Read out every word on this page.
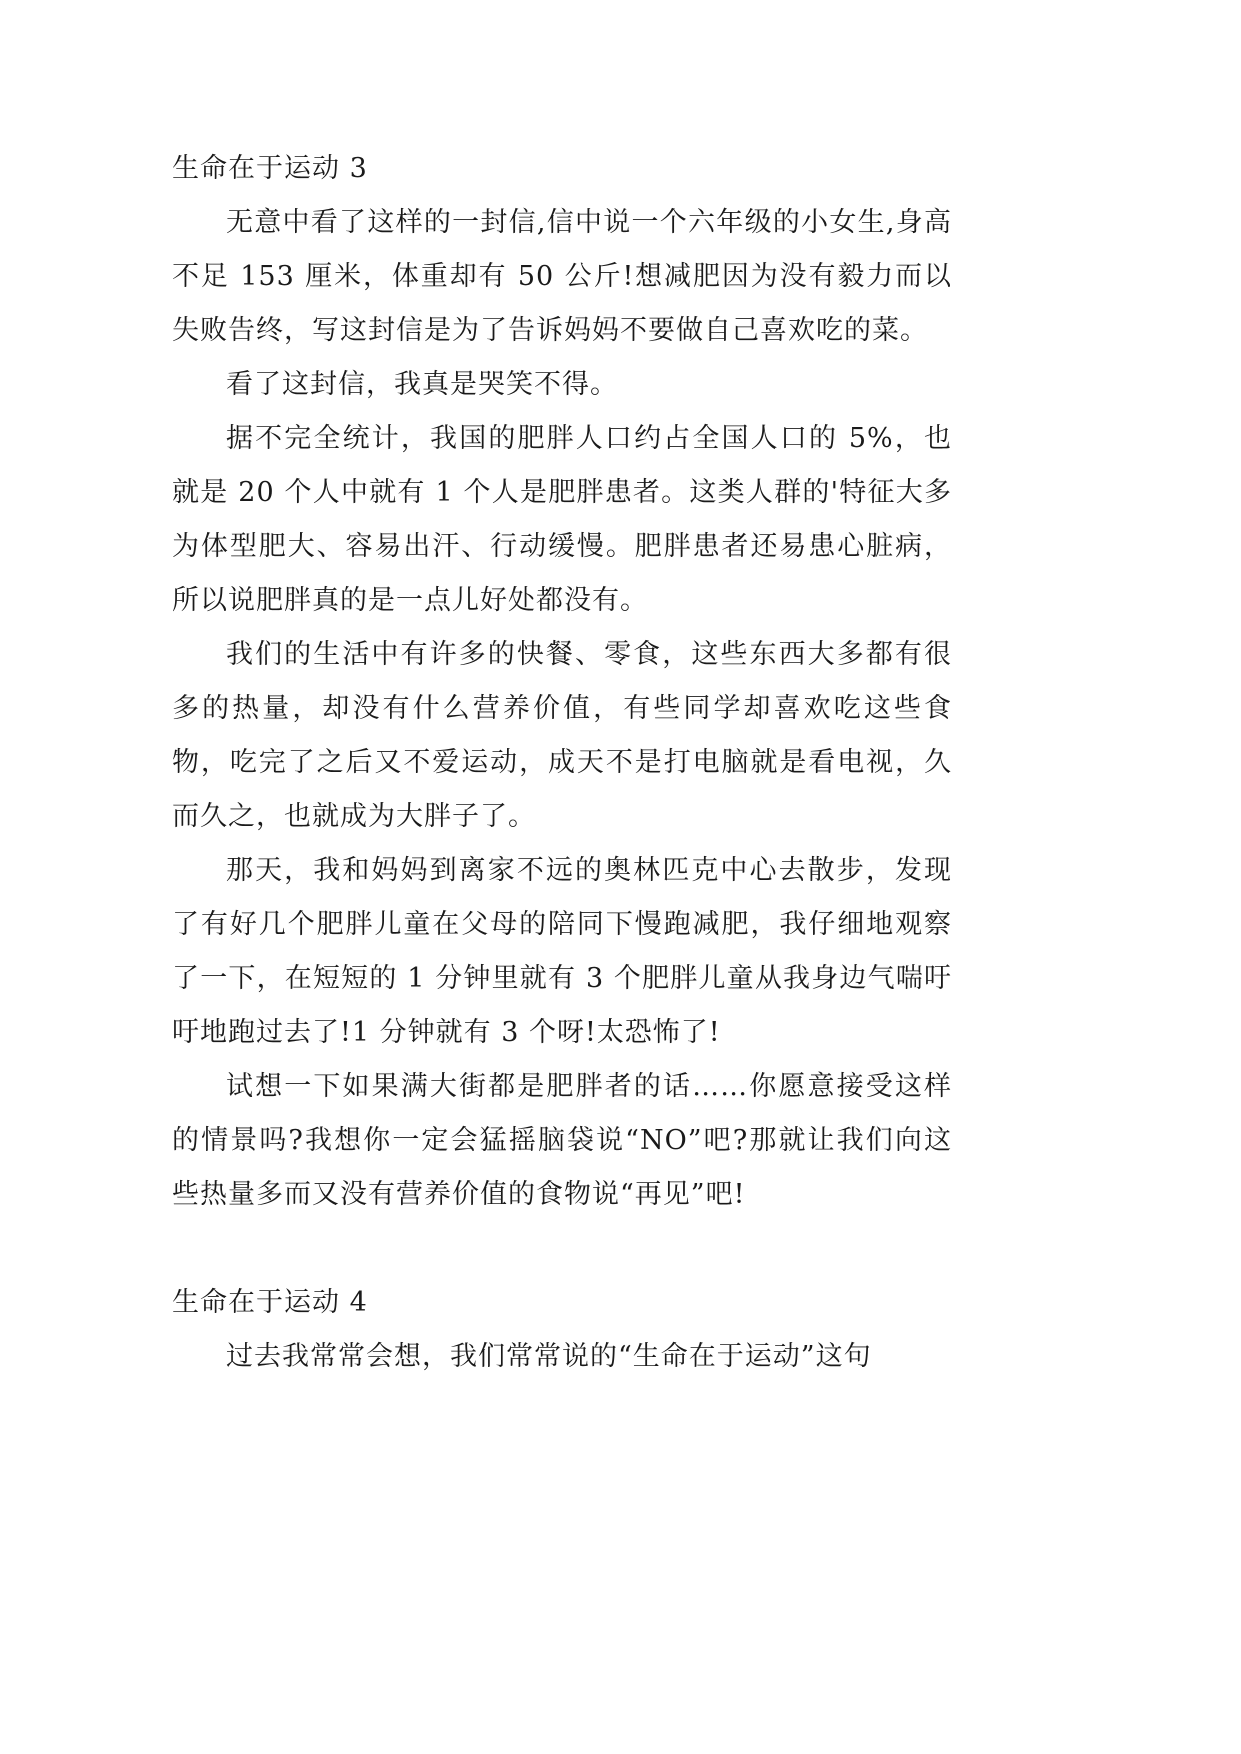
生命在于运动 3

无意中看了这样的一封信,信中说一个六年级的小女生,身高不足 153 厘米，体重却有 50 公斤!想减肥因为没有毅力而以失败告终，写这封信是为了告诉妈妈不要做自己喜欢吃的菜。

看了这封信，我真是哭笑不得。

据不完全统计，我国的肥胖人口约占全国人口的 5%，也就是 20 个人中就有 1 个人是肥胖患者。这类人群的'特征大多为体型肥大、容易出汗、行动缓慢。肥胖患者还易患心脏病，所以说肥胖真的是一点儿好处都没有。

我们的生活中有许多的快餐、零食，这些东西大多都有很多的热量，却没有什么营养价值，有些同学却喜欢吃这些食物，吃完了之后又不爱运动，成天不是打电脑就是看电视，久而久之，也就成为大胖子了。

那天，我和妈妈到离家不远的奥林匹克中心去散步，发现了有好几个肥胖儿童在父母的陪同下慢跑减肥，我仔细地观察了一下，在短短的 1 分钟里就有 3 个肥胖儿童从我身边气喘吁吁地跑过去了!1 分钟就有 3 个呀!太恐怖了!

试想一下如果满大街都是肥胖者的话……你愿意接受这样的情景吗?我想你一定会猛摇脑袋说“NO”吧?那就让我们向这些热量多而又没有营养价值的食物说“再见”吧!

生命在于运动 4

过去我常常会想，我们常常说的“生命在于运动”这句
